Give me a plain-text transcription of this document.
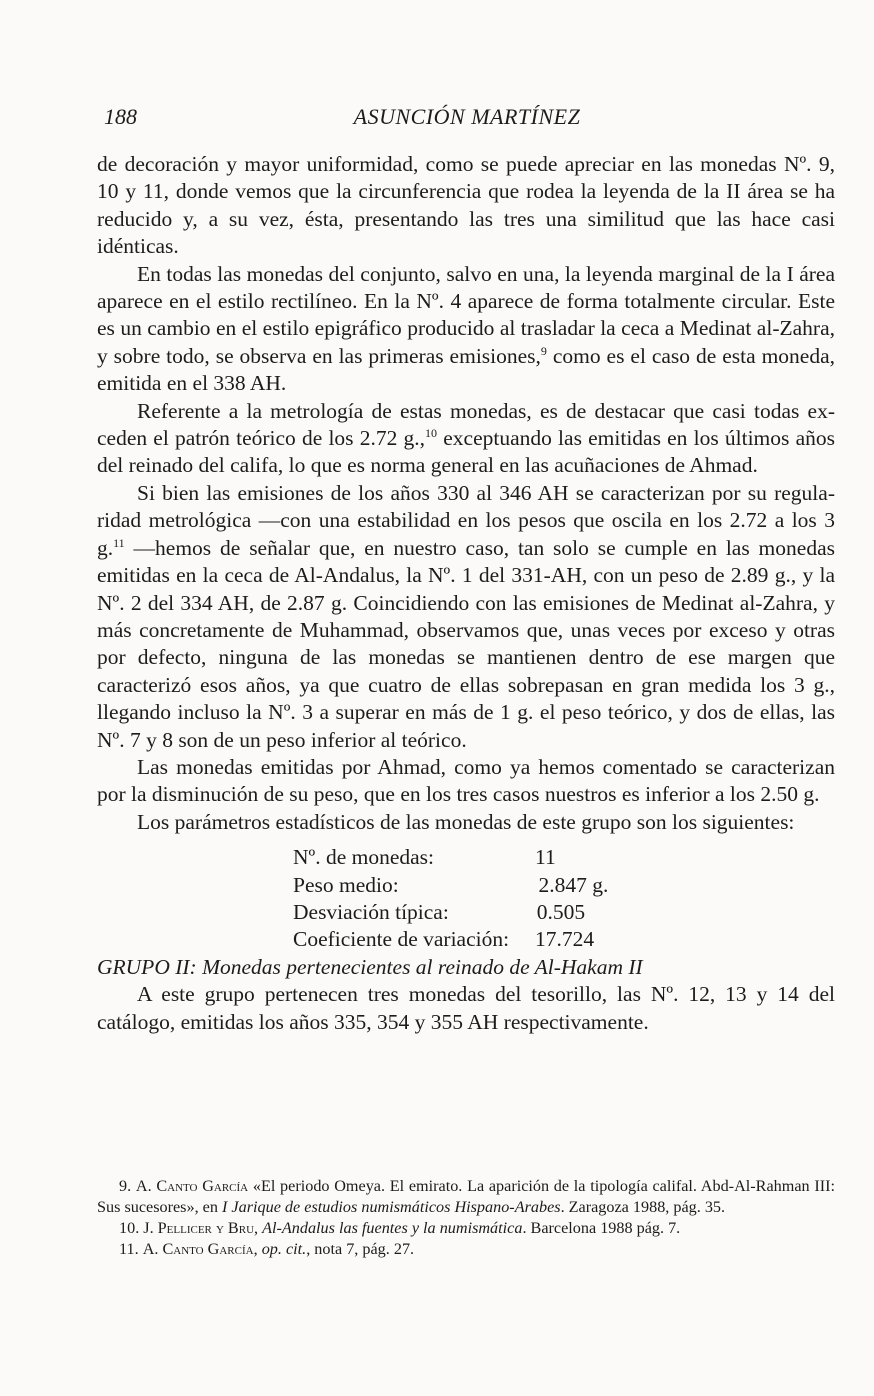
188	ASUNCIÓN MARTÍNEZ

de decoración y mayor uniformidad, como se puede apreciar en las monedas Nº. 9, 10 y 11, donde vemos que la circunferencia que rodea la leyenda de la II área se ha reducido y, a su vez, ésta, presentando las tres una similitud que las hace casi idénticas.

En todas las monedas del conjunto, salvo en una, la leyenda marginal de la I área aparece en el estilo rectilíneo. En la Nº. 4 aparece de forma totalmente circular. Este es un cambio en el estilo epigráfico producido al trasladar la ceca a Medinat al-Zahra, y sobre todo, se observa en las primeras emisiones,$^9$ como es el caso de esta moneda, emitida en el 338 AH.

Referente a la metrología de estas monedas, es de destacar que casi todas exceden el patrón teórico de los 2.72 g.,$^{10}$ exceptuando las emitidas en los últimos años del reinado del califa, lo que es norma general en las acuñaciones de Ahmad.

Si bien las emisiones de los años 330 al 346 AH se caracterizan por su regularidad metrológica —con una estabilidad en los pesos que oscila en los 2.72 a los 3 g.$^{11}$ —hemos de señalar que, en nuestro caso, tan solo se cumple en las monedas emitidas en la ceca de Al-Andalus, la Nº. 1 del 331-AH, con un peso de 2.89 g., y la Nº. 2 del 334 AH, de 2.87 g. Coincidiendo con las emisiones de Medinat al-Zahra, y más concretamente de Muhammad, observamos que, unas veces por exceso y otras por defecto, ninguna de las monedas se mantienen dentro de ese margen que caracterizó esos años, ya que cuatro de ellas sobrepasan en gran medida los 3 g., llegando incluso la Nº. 3 a superar en más de 1 g. el peso teórico, y dos de ellas, las Nº. 7 y 8 son de un peso inferior al teórico.

Las monedas emitidas por Ahmad, como ya hemos comentado se caracterizan por la disminución de su peso, que en los tres casos nuestros es inferior a los 2.50 g.

Los parámetros estadísticos de las monedas de este grupo son los siguientes:

Nº. de monedas:	11
Peso medio:	2.847 g.
Desviación típica:	0.505
Coeficiente de variación:	17.724

GRUPO II: Monedas pertenecientes al reinado de Al-Hakam II

A este grupo pertenecen tres monedas del tesorillo, las Nº. 12, 13 y 14 del catálogo, emitidas los años 335, 354 y 355 AH respectivamente.

9. A. Canto García «El periodo Omeya. El emirato. La aparición de la tipología califal. Abd-Al-Rahman III: Sus sucesores», en I Jarique de estudios numismáticos Hispano-Arabes. Zaragoza 1988, pág. 35.

10. J. Pellicer y Bru, Al-Andalus las fuentes y la numismática. Barcelona 1988 pág. 7.

11. A. Canto García, op. cit., nota 7, pág. 27.
